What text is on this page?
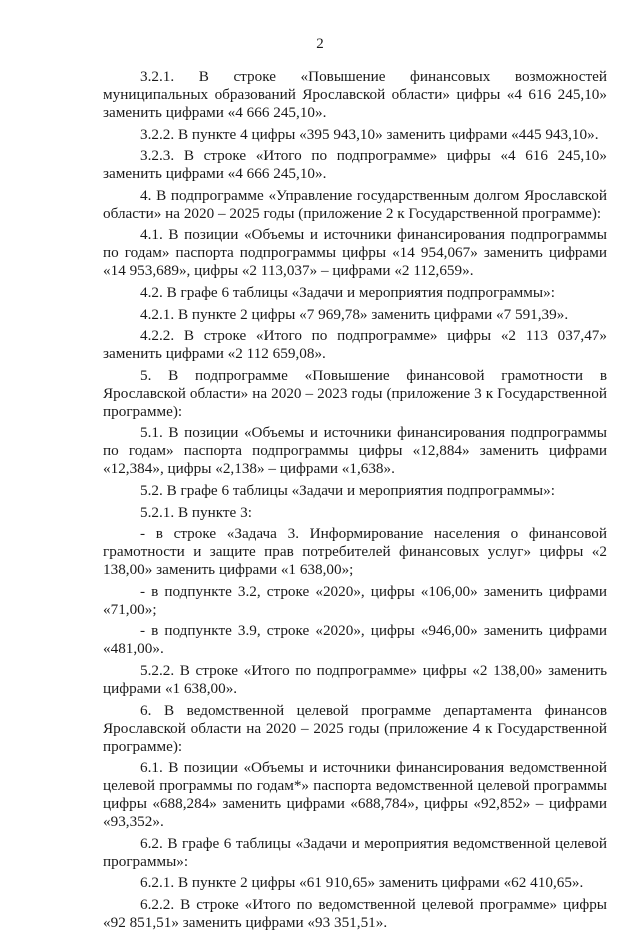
2

3.2.1. В строке «Повышение финансовых возможностей муниципальных образований Ярославской области» цифры «4 616 245,10» заменить цифрами «4 666 245,10».

3.2.2. В пункте 4 цифры «395 943,10» заменить цифрами «445 943,10».

3.2.3. В строке «Итого по подпрограмме» цифры «4 616 245,10» заменить цифрами «4 666 245,10».

4. В подпрограмме «Управление государственным долгом Ярославской области» на 2020 – 2025 годы (приложение 2 к Государственной программе):

4.1. В позиции «Объемы и источники финансирования подпрограммы по годам» паспорта подпрограммы цифры «14 954,067» заменить цифрами «14 953,689», цифры «2 113,037» – цифрами «2 112,659».

4.2. В графе 6 таблицы «Задачи и мероприятия подпрограммы»:

4.2.1. В пункте 2 цифры «7 969,78» заменить цифрами «7 591,39».

4.2.2. В строке «Итого по подпрограмме» цифры «2 113 037,47» заменить цифрами «2 112 659,08».

5. В подпрограмме «Повышение финансовой грамотности в Ярославской области» на 2020 – 2023 годы (приложение 3 к Государственной программе):

5.1. В позиции «Объемы и источники финансирования подпрограммы по годам» паспорта подпрограммы цифры «12,884» заменить цифрами «12,384», цифры «2,138» – цифрами «1,638».

5.2. В графе 6 таблицы «Задачи и мероприятия подпрограммы»:

5.2.1. В пункте 3:

- в строке «Задача 3. Информирование населения о финансовой грамотности и защите прав потребителей финансовых услуг» цифры «2 138,00» заменить цифрами «1 638,00»;

- в подпункте 3.2, строке «2020», цифры «106,00» заменить цифрами «71,00»;

- в подпункте 3.9, строке «2020», цифры «946,00» заменить цифрами «481,00».

5.2.2. В строке «Итого по подпрограмме» цифры «2 138,00» заменить цифрами «1 638,00».

6. В ведомственной целевой программе департамента финансов Ярославской области на 2020 – 2025 годы (приложение 4 к Государственной программе):

6.1. В позиции «Объемы и источники финансирования ведомственной целевой программы по годам*» паспорта ведомственной целевой программы цифры «688,284» заменить цифрами «688,784», цифры «92,852» – цифрами «93,352».

6.2. В графе 6 таблицы «Задачи и мероприятия ведомственной целевой программы»:

6.2.1. В пункте 2 цифры «61 910,65» заменить цифрами «62 410,65».

6.2.2. В строке «Итого по ведомственной целевой программе» цифры «92 851,51» заменить цифрами «93 351,51».
